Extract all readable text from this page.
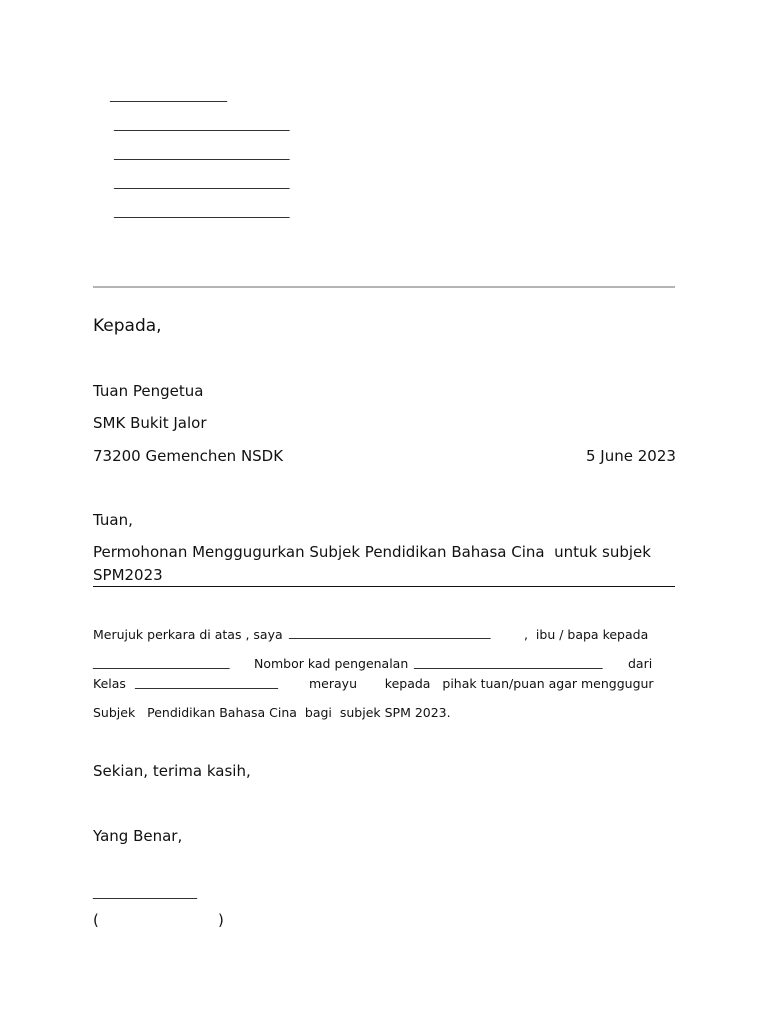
__________________
___________________________
___________________________
___________________________
___________________________
Kepada,
Tuan Pengetua
SMK Bukit Jalor
73200 Gemenchen NSDK	5 June 2023
Tuan,
Permohonan Menggugurkan Subjek Pendidikan Bahasa Cina  untuk subjek
SPM2023
Merujuk perkara di atas , saya _______________________________	,  ibu / bapa kepada
_____________________ Nombor kad pengenalan _____________________________ dari
Kelas ______________________ merayu       kepada   pihak tuan/puan agar menggugur
Subjek   Pendidikan Bahasa Cina  bagi  subjek SPM 2023.
Sekian, terima kasih,
Yang Benar,
________________
(	)
